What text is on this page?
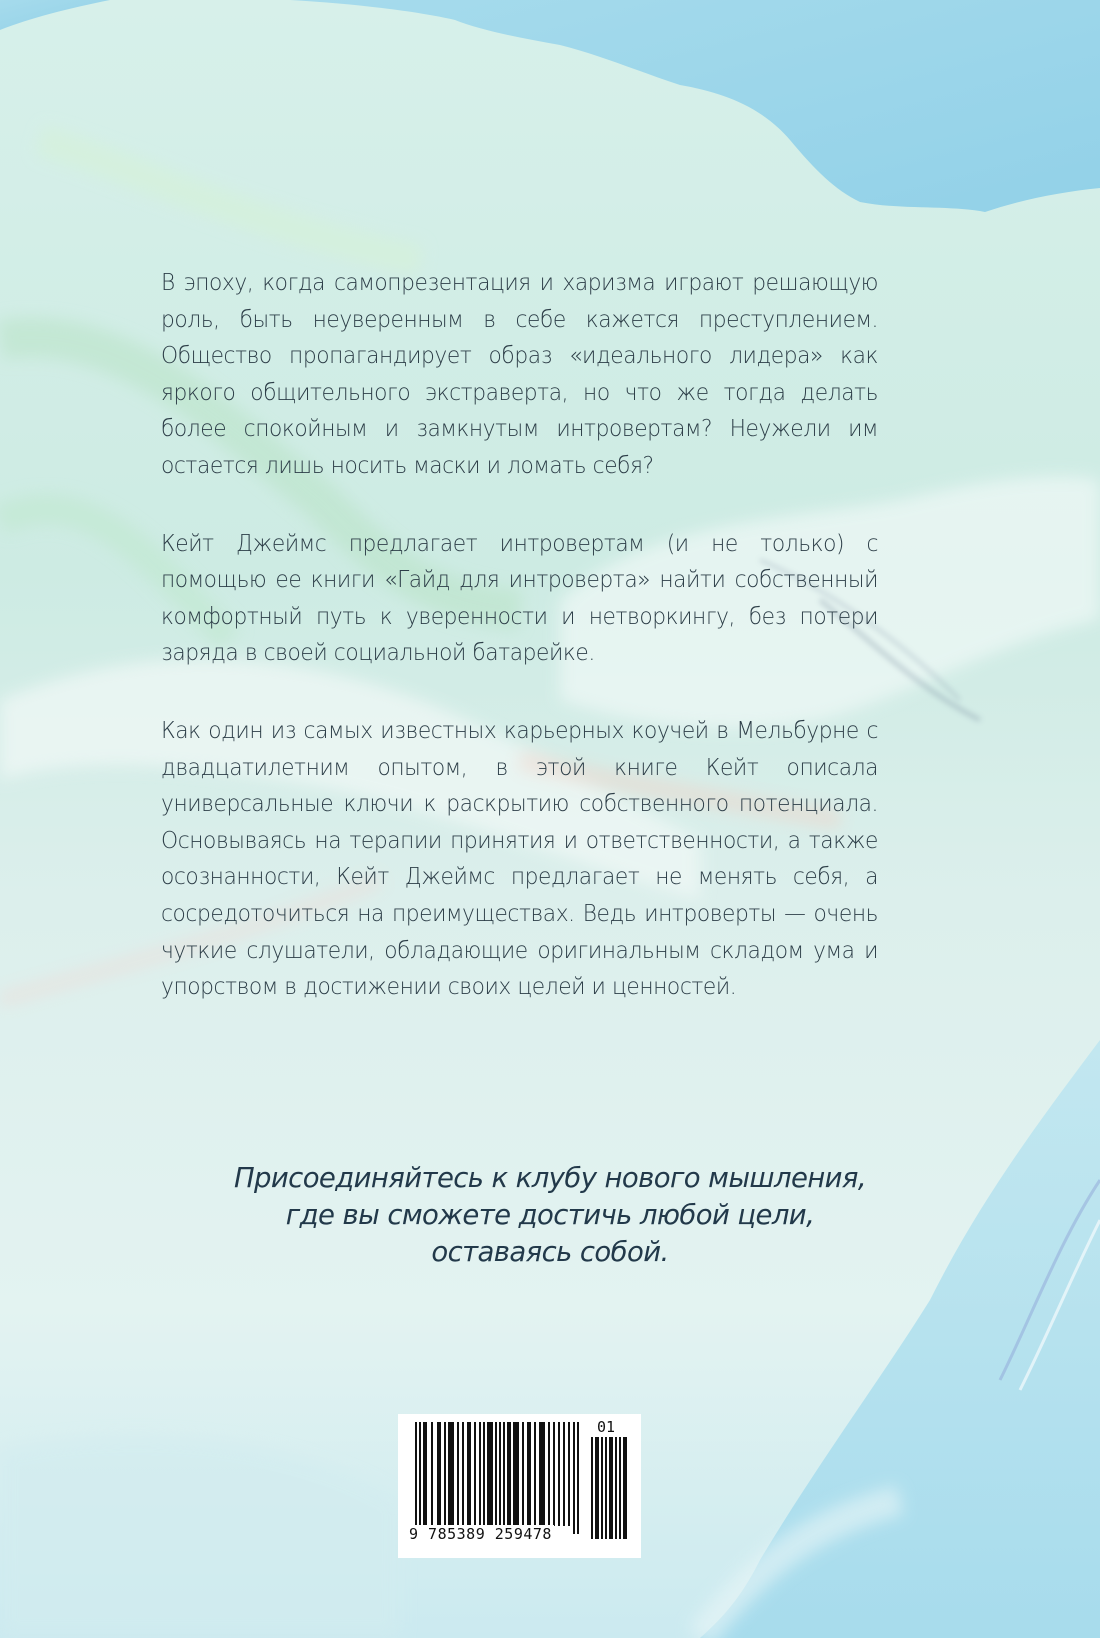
В эпоху, когда самопрезентация и харизма играют решающую роль, быть неуверенным в себе кажется преступлением. Общество пропагандирует образ «идеального лидера» как яркого общительного экстраверта, но что же тогда делать более спокойным и замкнутым интровертам? Неужели им остается лишь носить маски и ломать себя?

Кейт Джеймс предлагает интровертам (и не только) с помощью ее книги «Гайд для интроверта» найти собственный комфортный путь к уверенности и нетворкингу, без потери заряда в своей социальной батарейке.

Как один из самых известных карьерных коучей в Мельбурне с двадцатилетним опытом, в этой книге Кейт описала универсальные ключи к раскрытию собственного потенциала. Основываясь на терапии принятия и ответственности, а также осознанности, Кейт Джеймс предлагает не менять себя, а сосредоточиться на преимуществах. Ведь интроверты — очень чуткие слушатели, обладающие оригинальным складом ума и упорством в достижении своих целей и ценностей.

Присоединяйтесь к клубу нового мышления,
где вы сможете достичь любой цели,
оставаясь собой.
9 785389 259478
01
